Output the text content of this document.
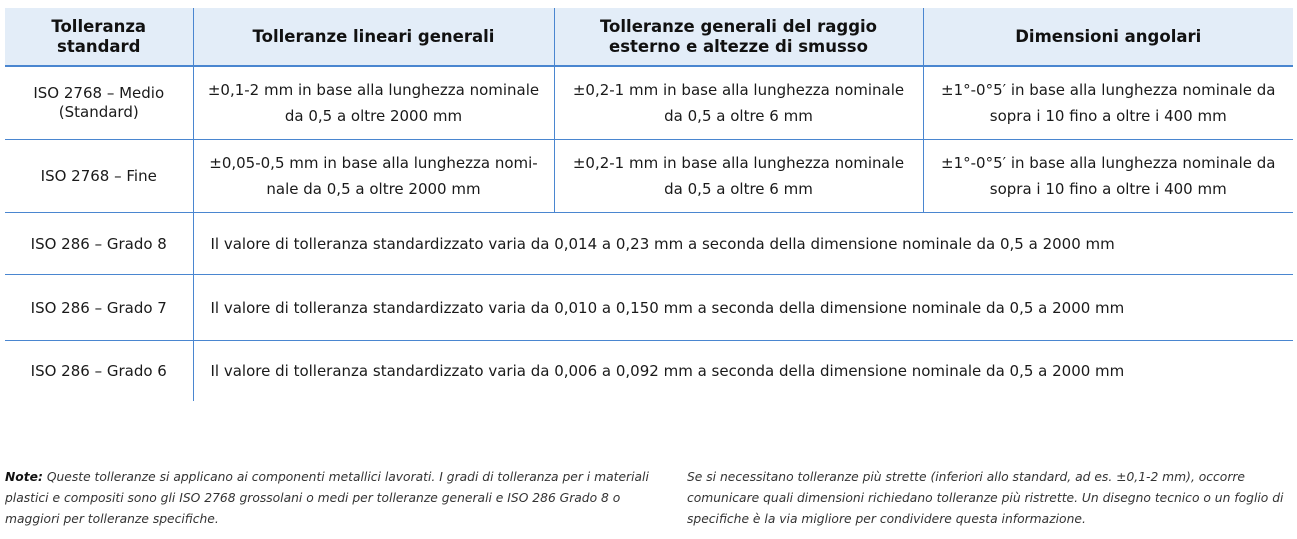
Tolleranza standard	Tolleranze lineari generali	Tolleranze generali del raggio esterno e altezze di smusso	Dimensioni angolari
ISO 2768 – Medio (Standard)	±0,1-2 mm in base alla lunghezza nominale da 0,5 a oltre 2000 mm	±0,2-1 mm in base alla lunghezza nominale da 0,5 a oltre 6 mm	±1°-0°5′ in base alla lunghezza nominale da sopra i 10 fino a oltre i 400 mm
ISO 2768 – Fine	±0,05-0,5 mm in base alla lunghezza nomi-nale da 0,5 a oltre 2000 mm	±0,2-1 mm in base alla lunghezza nominale da 0,5 a oltre 6 mm	±1°-0°5′ in base alla lunghezza nominale da sopra i 10 fino a oltre i 400 mm
ISO 286 – Grado 8	Il valore di tolleranza standardizzato varia da 0,014 a 0,23 mm a seconda della dimensione nominale da 0,5 a 2000 mm		
ISO 286 – Grado 7	Il valore di tolleranza standardizzato varia da 0,010 a 0,150 mm a seconda della dimensione nominale da 0,5 a 2000 mm		
ISO 286 – Grado 6	Il valore di tolleranza standardizzato varia da 0,006 a 0,092 mm a seconda della dimensione nominale da 0,5 a 2000 mm		

Note: Queste tolleranze si applicano ai componenti metallici lavorati. I gradi di tolleranza per i materiali plastici e compositi sono gli ISO 2768 grossolani o medi per tolleranze generali e ISO 286 Grado 8 o maggiori per tolleranze specifiche.

Se si necessitano tolleranze più strette (inferiori allo standard, ad es. ±0,1-2 mm), occorre comunicare quali dimensioni richiedano tolleranze più ristrette. Un disegno tecnico o un foglio di specifiche è la via migliore per condividere questa informazione.
